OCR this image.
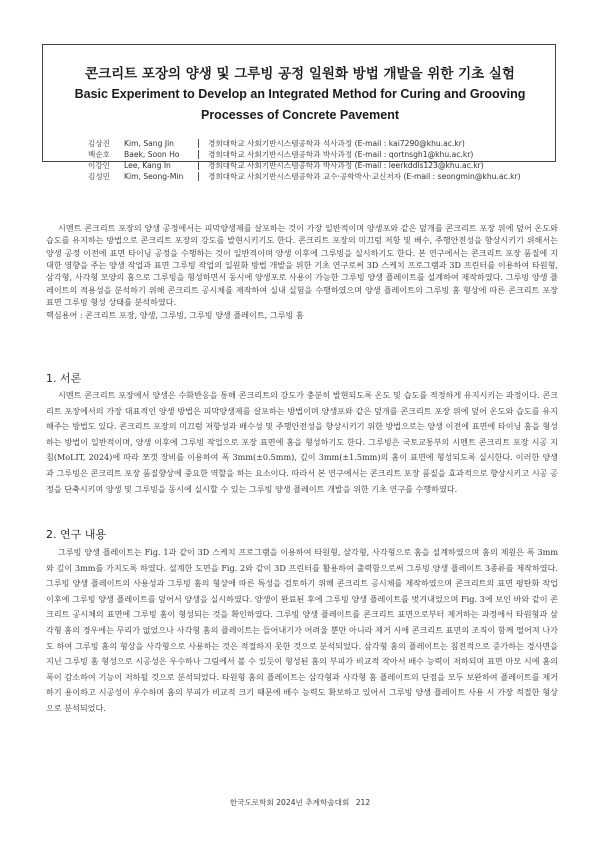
콘크리트 포장의 양생 및 그루빙 공정 일원화 방법 개발을 위한 기초 실험
Basic Experiment to Develop an Integrated Method for Curing and Grooving Processes of Concrete Pavement
김상진	Kim, Sang Jin	경희대학교 사회기반시스템공학과 석사과정 (E-mail : kai7290@khu.ac.kr)
백순호	Baek, Soon Ho	경희대학교 사회기반시스템공학과 박사과정 (E-mail : qortnsgh1@khu.ac.kr)
이강인	Lee, Kang In	경희대학교 사회기반시스템공학과 박사과정 (E-mail : leerkddls123@khu.ac.kr)
김성민	Kim, Seong-Min	경희대학교 사회기반시스템공학과 교수·공학박사·교신저자 (E-mail : seongmin@khu.ac.kr)

시멘트 콘크리트 포장의 양생 공정에서는 피막양생제를 살포하는 것이 가장 일반적이며 양생포와 같은 덮개를 콘크리트 포장 위에 덮어 온도와 습도를 유지하는 방법으로 콘크리트 포장의 강도를 발현시키기도 한다. 콘크리트 포장의 미끄럼 저항 및 배수, 주행안전성을 향상시키기 위해서는 양생 공정 이전에 표면 타이닝 공정을 수행하는 것이 일반적이며 양생 이후에 그루빙을 실시하기도 한다. 본 연구에서는 콘크리트 포장 품질에 지대한 영향을 주는 양생 작업과 표면 그루빙 작업의 일원화 방법 개발을 위한 기초 연구로써 3D 스케치 프로그램과 3D 프린터를 이용하여 타원형, 삼각형, 사각형 모양의 홈으로 그루빙을 형성하면서 동시에 양생포로 사용이 가능한 그루빙 양생 플레이트를 설계하여 제작하였다. 그루빙 양생 플레이트의 적용성을 분석하기 위해 콘크리트 공시체를 제작하여 실내 실험을 수행하였으며 양생 플레이트의 그루빙 홈 형상에 따른 콘크리트 포장 표면 그루빙 형성 상태를 분석하였다.

핵심용어 : 콘크리트 포장, 양생, 그루빙, 그루빙 양생 플레이트, 그루빙 홈
1. 서론

시멘트 콘크리트 포장에서 양생은 수화반응을 통해 콘크리트의 강도가 충분히 발현되도록 온도 및 습도를 적정하게 유지시키는 과정이다. 콘크리트 포장에서의 가장 대표적인 양생 방법은 피막양생제를 살포하는 방법이며 양생포와 같은 덮개를 콘크리트 포장 위에 덮어 온도와 습도를 유지해주는 방법도 있다. 콘크리트 포장의 미끄럼 저항성과 배수성 및 주행안전성을 향상시키기 위한 방법으로는 양생 이전에 표면에 타이닝 홈을 형성하는 방법이 일반적이며, 양생 이후에 그루빙 작업으로 포장 표면에 홈을 형성하기도 한다. 그루빙은 국토교통부의 시멘트 콘크리트 포장 시공 지침(MoLIT, 2024)에 따라 쪼갯 장비를 이용하여 폭 3mm(±0.5mm), 깊이 3mm(±1.5mm)의 홈이 표면에 형성되도록 실시한다. 이러한 양생과 그루빙은 콘크리트 포장 품질향상에 중요한 역할을 하는 요소이다. 따라서 본 연구에서는 콘크리트 포장 품질을 효과적으로 향상시키고 시공 공정을 단축시키며 양생 및 그루빙을 동시에 실시할 수 있는 그루빙 양생 플레이트 개발을 위한 기초 연구를 수행하였다.

2. 연구 내용

그루빙 양생 플레이트는 Fig. 1과 같이 3D 스케치 프로그램을 이용하여 타원형, 삼각형, 사각형으로 홈을 설계하였으며 홈의 제원은 폭 3mm와 깊이 3mm를 가지도록 하였다. 설계한 도면을 Fig. 2와 같이 3D 프린터를 활용하여 출력함으로써 그루빙 양생 플레이트 3종류를 제작하였다. 그루빙 양생 플레이트의 사용성과 그루빙 홈의 형상에 따른 특성을 검토하기 위해 콘크리트 공시체를 제작하였으며 콘크리트의 표면 평탄화 작업 이후에 그루빙 양생 플레이트를 덮어서 양생을 실시하였다. 양생이 완료된 후에 그루빙 양생 플레이트를 벗겨내었으며 Fig. 3에 보인 바와 같이 콘크리트 공시체의 표면에 그루빙 홈이 형성되는 것을 확인하였다. 그루빙 양생 플레이트를 콘크리트 표면으로부터 제거하는 과정에서 타원형과 삼각형 홈의 경우에는 무리가 없었으나 사각형 홈의 플레이트는 들어내기가 어려울 뿐만 아니라 제거 시에 콘크리트 표면의 조직이 함께 떨어져 나가도 하여 그루빙 홈의 형상을 사각형으로 사용하는 것은 적절하지 못한 것으로 분석되었다. 삼각형 홈의 플레이트는 침전적으로 증가하는 경사면을 지닌 그루빙 홈 형성으로 시공성은 우수하나 그림에서 볼 수 있듯이 형성된 홈의 부피가 비교적 작아서 배수 능력이 저하되며 표면 마모 시에 홈의 폭이 감소하여 기능이 저하될 것으로 분석되었다. 타원형 홈의 플레이트는 삼각형과 사각형 홈 플레이트의 단점을 모두 보완하여 플레이트를 제거하기 용이하고 시공성이 우수하며 홈의 부피가 비교적 크기 때문에 배수 능력도 확보하고 있어서 그루빙 양생 플레이트 사용 시 가장 적절한 형상으로 분석되었다.

한국도로학회 2024년 추계학술대회 212
